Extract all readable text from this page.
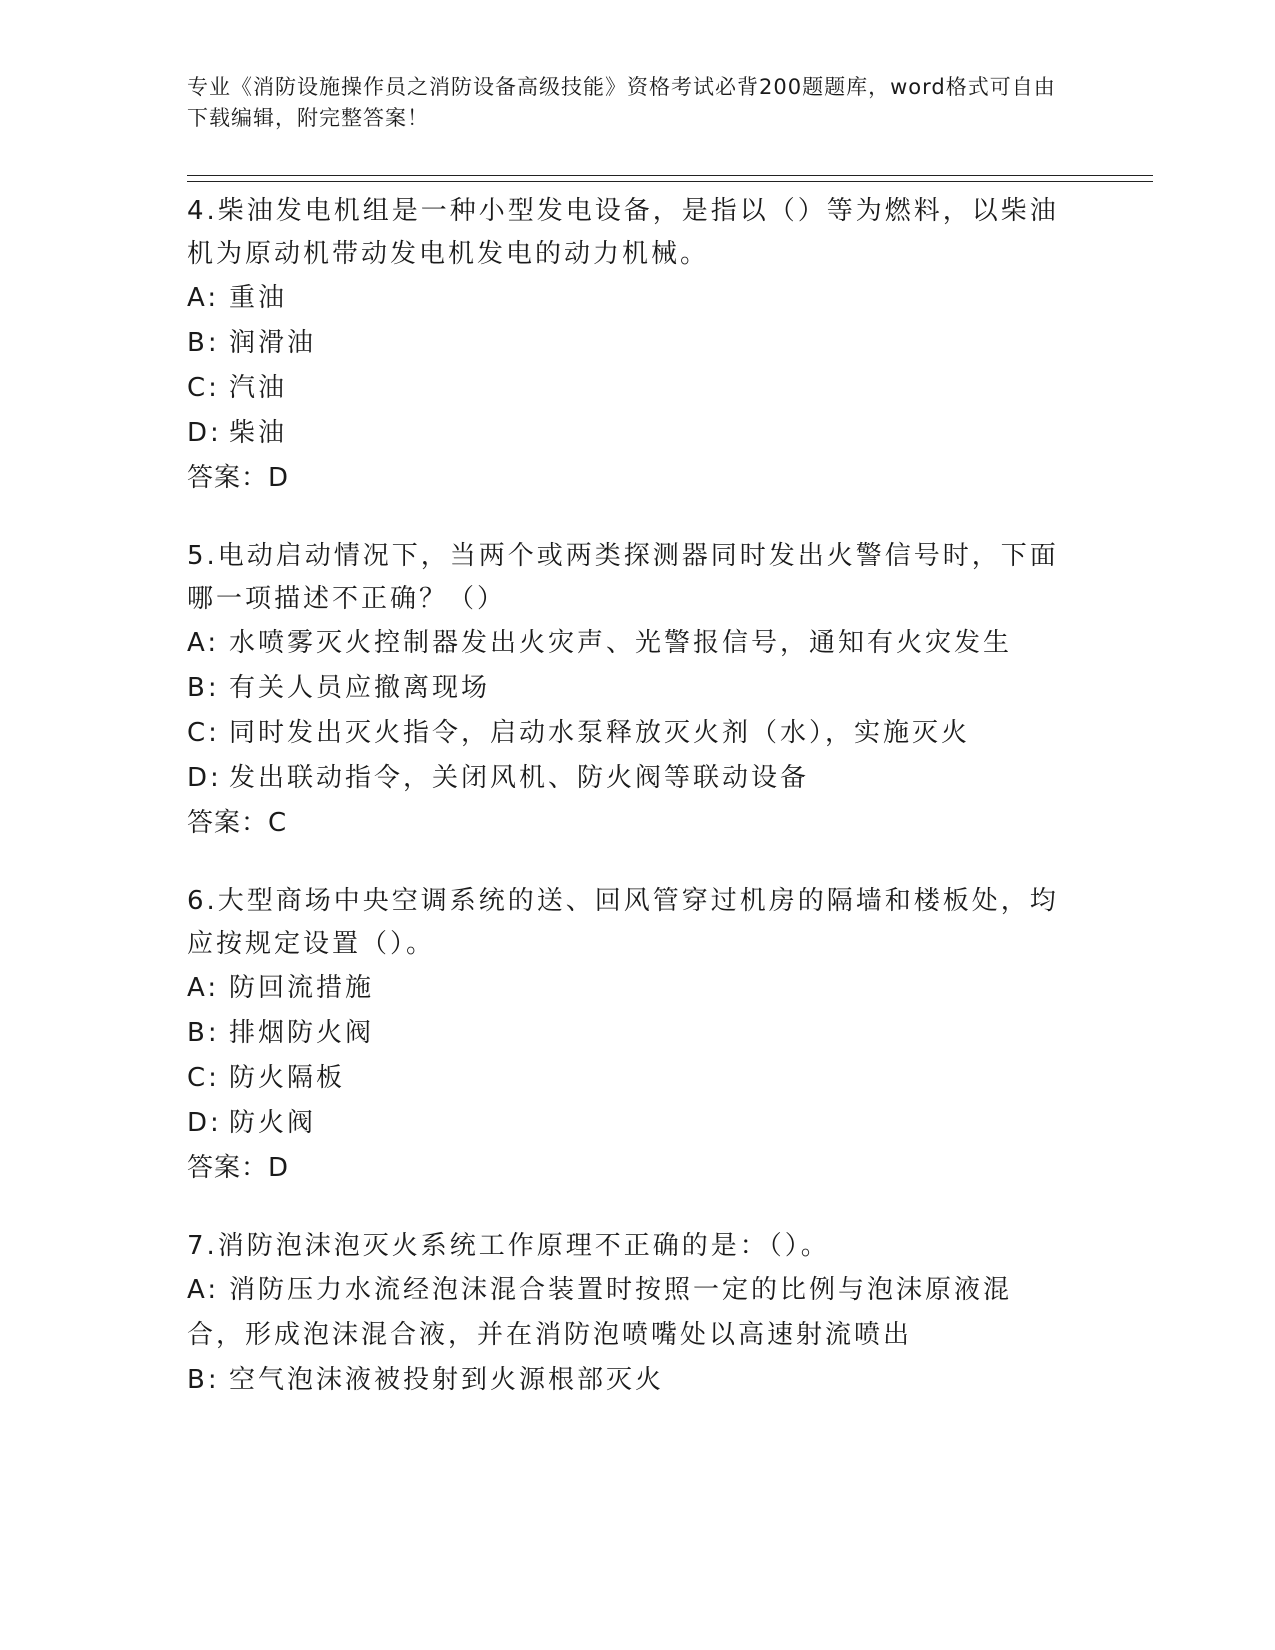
专业《消防设施操作员之消防设备高级技能》资格考试必背200题题库，word格式可自由下载编辑，附完整答案！
4.柴油发电机组是一种小型发电设备，是指以（）等为燃料，以柴油机为原动机带动发电机发电的动力机械。
A: 重油
B: 润滑油
C: 汽油
D: 柴油
答案：D
5.电动启动情况下，当两个或两类探测器同时发出火警信号时，下面哪一项描述不正确？（）
A: 水喷雾灭火控制器发出火灾声、光警报信号，通知有火灾发生
B: 有关人员应撤离现场
C: 同时发出灭火指令，启动水泵释放灭火剂（水），实施灭火
D: 发出联动指令，关闭风机、防火阀等联动设备
答案：C
6.大型商场中央空调系统的送、回风管穿过机房的隔墙和楼板处，均应按规定设置（）。
A: 防回流措施
B: 排烟防火阀
C: 防火隔板
D: 防火阀
答案：D
7.消防泡沫泡灭火系统工作原理不正确的是：（）。
A: 消防压力水流经泡沫混合装置时按照一定的比例与泡沫原液混合，形成泡沫混合液，并在消防泡喷嘴处以高速射流喷出
B: 空气泡沫液被投射到火源根部灭火
